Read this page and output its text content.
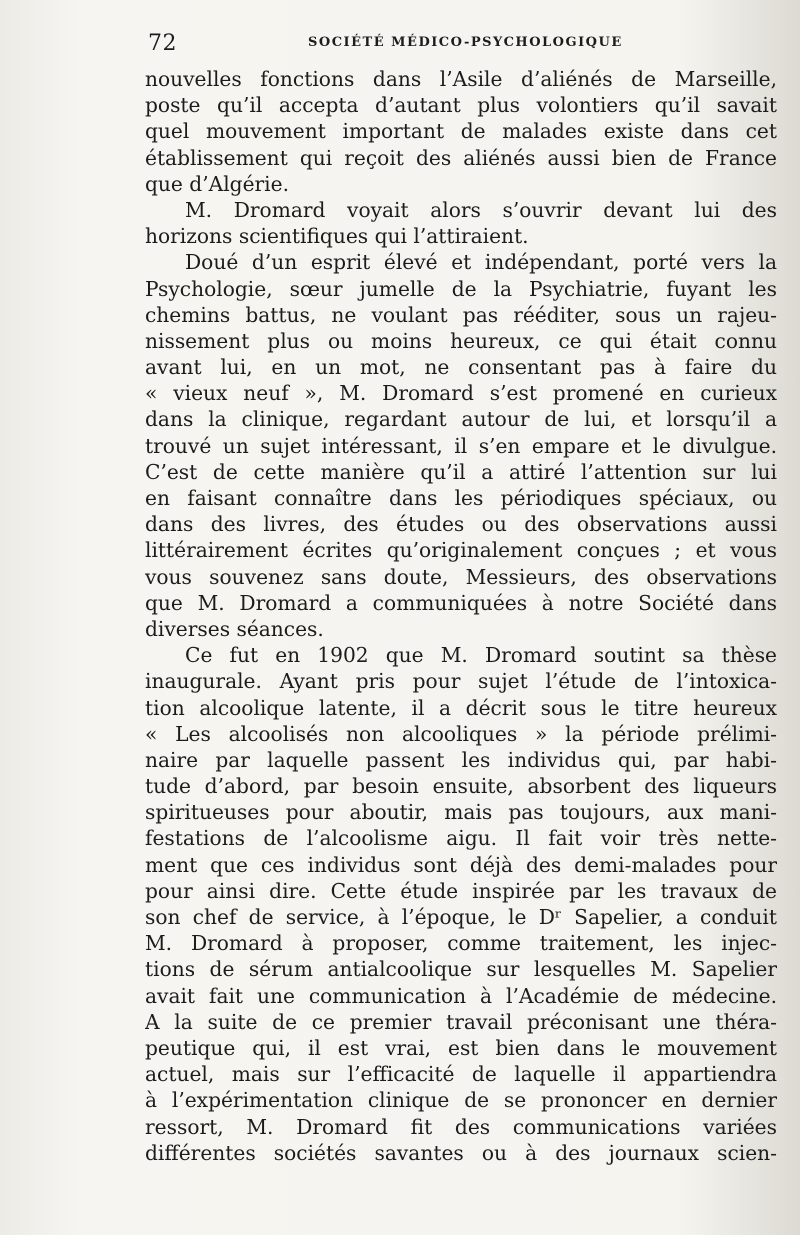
72	SOCIÉTÉ MÉDICO-PSYCHOLOGIQUE
nouvelles fonctions dans l’Asile d’aliénés de Marseille,
poste qu’il accepta d’autant plus volontiers qu’il savait
quel mouvement important de malades existe dans cet
établissement qui reçoit des aliénés aussi bien de France
que d’Algérie.
M. Dromard voyait alors s’ouvrir devant lui des
horizons scientifiques qui l’attiraient.
Doué d’un esprit élevé et indépendant, porté vers la
Psychologie, sœur jumelle de la Psychiatrie, fuyant les
chemins battus, ne voulant pas rééditer, sous un rajeu-
nissement plus ou moins heureux, ce qui était connu
avant lui, en un mot, ne consentant pas à faire du
« vieux neuf », M. Dromard s’est promené en curieux
dans la clinique, regardant autour de lui, et lorsqu’il a
trouvé un sujet intéressant, il s’en empare et le divulgue.
C’est de cette manière qu’il a attiré l’attention sur lui
en faisant connaître dans les périodiques spéciaux, ou
dans des livres, des études ou des observations aussi
littérairement écrites qu’originalement conçues ; et vous
vous souvenez sans doute, Messieurs, des observations
que M. Dromard a communiquées à notre Société dans
diverses séances.
Ce fut en 1902 que M. Dromard soutint sa thèse
inaugurale. Ayant pris pour sujet l’étude de l’intoxica-
tion alcoolique latente, il a décrit sous le titre heureux
« Les alcoolisés non alcooliques » la période prélimi-
naire par laquelle passent les individus qui, par habi-
tude d’abord, par besoin ensuite, absorbent des liqueurs
spiritueuses pour aboutir, mais pas toujours, aux mani-
festations de l’alcoolisme aigu. Il fait voir très nette-
ment que ces individus sont déjà des demi-malades pour
pour ainsi dire. Cette étude inspirée par les travaux de
son chef de service, à l’époque, le Dʳ Sapelier, a conduit
M. Dromard à proposer, comme traitement, les injec-
tions de sérum antialcoolique sur lesquelles M. Sapelier
avait fait une communication à l’Académie de médecine.
A la suite de ce premier travail préconisant une théra-
peutique qui, il est vrai, est bien dans le mouvement
actuel, mais sur l’efficacité de laquelle il appartiendra
à l’expérimentation clinique de se prononcer en dernier
ressort, M. Dromard fit des communications variées
différentes sociétés savantes ou à des journaux scien-
